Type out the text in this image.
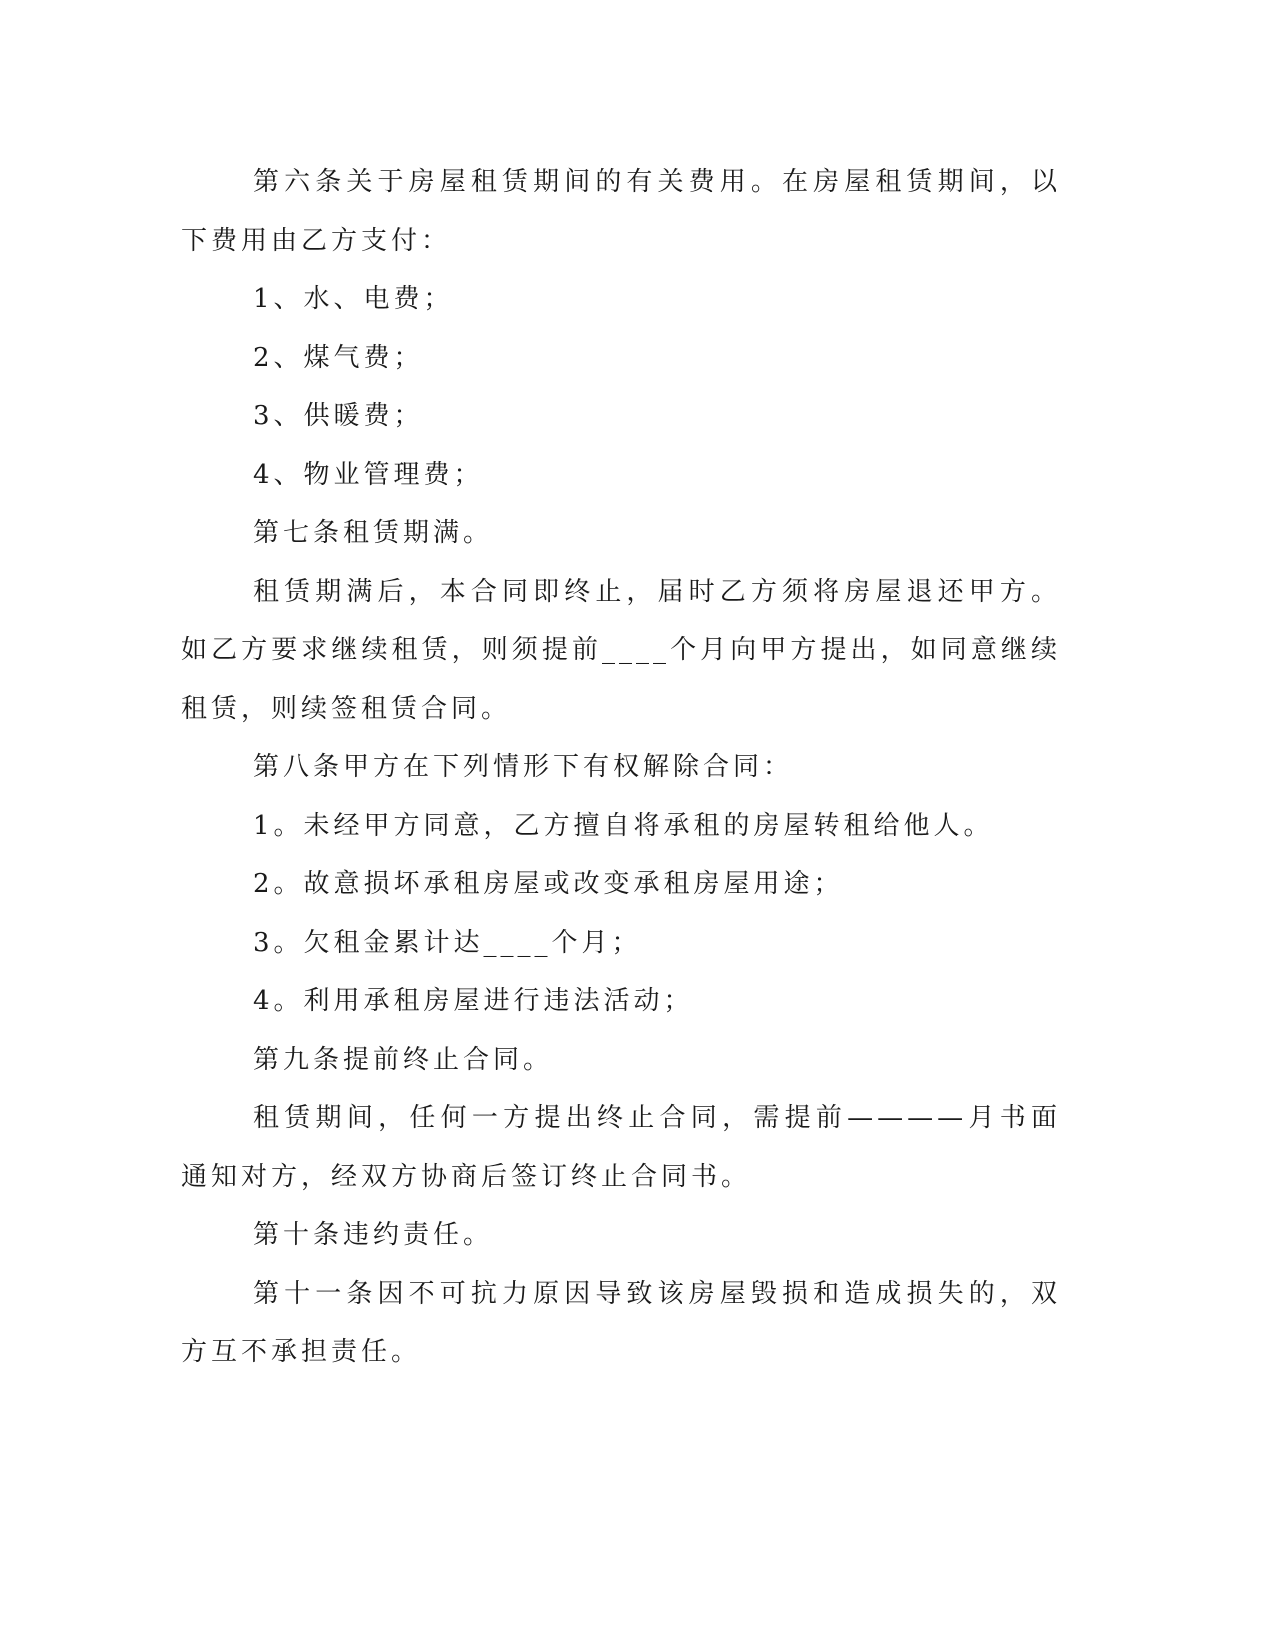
第六条关于房屋租赁期间的有关费用。在房屋租赁期间，以下费用由乙方支付：

1、水、电费；

2、煤气费；

3、供暖费；

4、物业管理费；

第七条租赁期满。

租赁期满后，本合同即终止，届时乙方须将房屋退还甲方。如乙方要求继续租赁，则须提前____个月向甲方提出，如同意继续租赁，则续签租赁合同。

第八条甲方在下列情形下有权解除合同：

1。未经甲方同意，乙方擅自将承租的房屋转租给他人。

2。故意损坏承租房屋或改变承租房屋用途；

3。欠租金累计达____个月；

4。利用承租房屋进行违法活动；

第九条提前终止合同。

租赁期间，任何一方提出终止合同，需提前————月书面通知对方，经双方协商后签订终止合同书。

第十条违约责任。

第十一条因不可抗力原因导致该房屋毁损和造成损失的，双方互不承担责任。
